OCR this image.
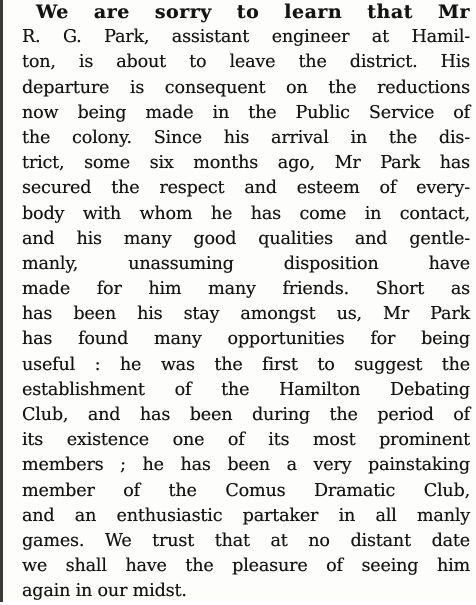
We are sorry to learn that Mr
R. G. Park, assistant engineer at Hamil-
ton, is about to leave the district. His
departure is consequent on the reductions
now being made in the Public Service of
the colony. Since his arrival in the dis-
trict, some six months ago, Mr Park has
secured the respect and esteem of every-
body with whom he has come in contact,
and his many good qualities and gentle-
manly, unassuming disposition have
made for him many friends. Short as
has been his stay amongst us, Mr Park
has found many opportunities for being
useful : he was the first to suggest the
establishment of the Hamilton Debating
Club, and has been during the period of
its existence one of its most prominent
members ; he has been a very painstaking
member of the Comus Dramatic Club,
and an enthusiastic partaker in all manly
games. We trust that at no distant date
we shall have the pleasure of seeing him
again in our midst.
